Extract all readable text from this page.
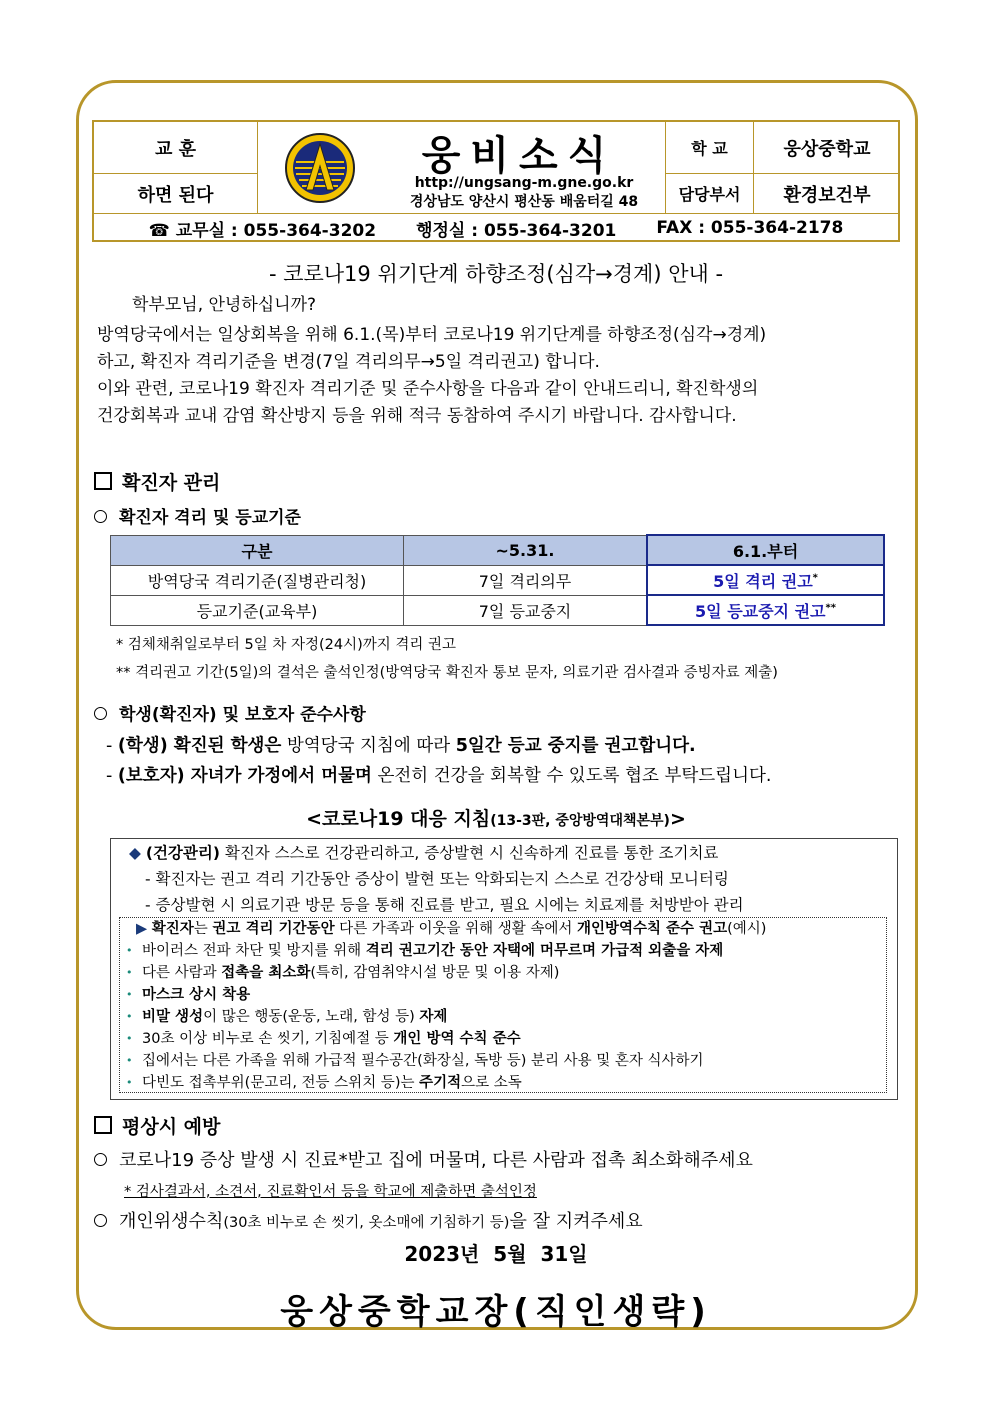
교 훈
하면 된다
웅비소식
http://ungsang-m.gne.go.kr
경상남도 양산시 평산동 배움터길 48
학 교	웅상중학교
담당부서	환경보건부
☎ 교무실 : 055-364-3202 행정실 : 055-364-3201 FAX : 055-364-2178
- 코로나19 위기단계 하향조정(심각→경계) 안내 -
학부모님, 안녕하십니까?
방역당국에서는 일상회복을 위해 6.1.(목)부터 코로나19 위기단계를 하향조정(심각→경계)
하고, 확진자 격리기준을 변경(7일 격리의무→5일 격리권고) 합니다.
이와 관련, 코로나19 확진자 격리기준 및 준수사항을 다음과 같이 안내드리니, 확진학생의
건강회복과 교내 감염 확산방지 등을 위해 적극 동참하여 주시기 바랍니다. 감사합니다.
확진자 관리
확진자 격리 및 등교기준
구분	~5.31.	6.1.부터
방역당국 격리기준(질병관리청)	7일 격리의무	5일 격리 권고*
등교기준(교육부)	7일 등교중지	5일 등교중지 권고**
* 검체채취일로부터 5일 차 자정(24시)까지 격리 권고
** 격리권고 기간(5일)의 결석은 출석인정(방역당국 확진자 통보 문자, 의료기관 검사결과 증빙자료 제출)
학생(확진자) 및 보호자 준수사항
- (학생) 확진된 학생은 방역당국 지침에 따라 5일간 등교 중지를 권고합니다.
- (보호자) 자녀가 가정에서 머물며 온전히 건강을 회복할 수 있도록 협조 부탁드립니다.
<코로나19 대응 지침(13-3판, 중앙방역대책본부)>
◆ (건강관리) 확진자 스스로 건강관리하고, 증상발현 시 신속하게 진료를 통한 조기치료
- 확진자는 권고 격리 기간동안 증상이 발현 또는 악화되는지 스스로 건강상태 모니터링
- 증상발현 시 의료기관 방문 등을 통해 진료를 받고, 필요 시에는 치료제를 처방받아 관리
▶ 확진자는 권고 격리 기간동안 다른 가족과 이웃을 위해 생활 속에서 개인방역수칙 준수 권고(예시)
• 바이러스 전파 차단 및 방지를 위해 격리 권고기간 동안 자택에 머무르며 가급적 외출을 자제
• 다른 사람과 접촉을 최소화(특히, 감염취약시설 방문 및 이용 자제)
• 마스크 상시 착용
• 비말 생성이 많은 행동(운동, 노래, 함성 등) 자제
• 30초 이상 비누로 손 씻기, 기침예절 등 개인 방역 수칙 준수
• 집에서는 다른 가족을 위해 가급적 필수공간(화장실, 독방 등) 분리 사용 및 혼자 식사하기
• 다빈도 접촉부위(문고리, 전등 스위치 등)는 주기적으로 소독
평상시 예방
코로나19 증상 발생 시 진료*받고 집에 머물며, 다른 사람과 접촉 최소화해주세요
* 검사결과서, 소견서, 진료확인서 등을 학교에 제출하면 출석인정
개인위생수칙(30초 비누로 손 씻기, 옷소매에 기침하기 등)을 잘 지켜주세요
2023년  5월  31일
웅상중학교장(직인생략)
